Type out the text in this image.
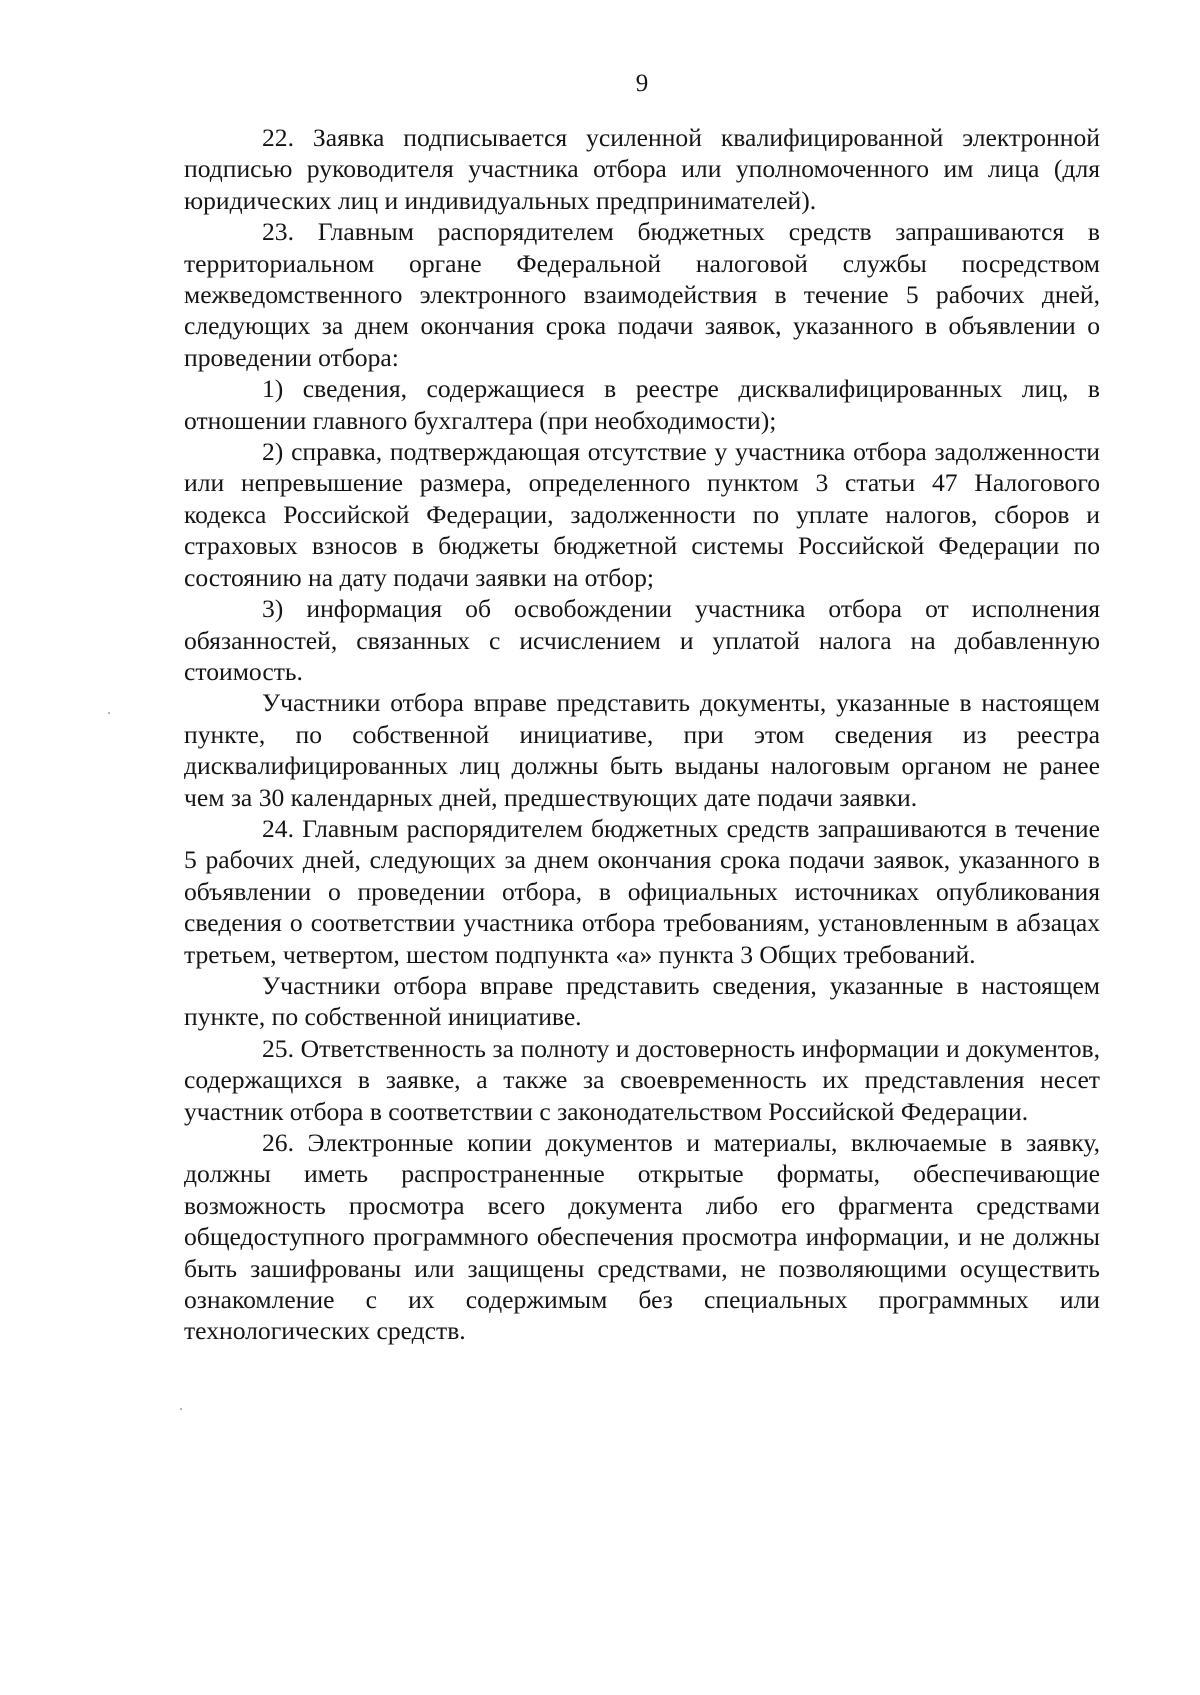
9

22. Заявка подписывается усиленной квалифицированной электронной подписью руководителя участника отбора или уполномоченного им лица (для юридических лиц и индивидуальных предпринимателей).

23. Главным распорядителем бюджетных средств запрашиваются в территориальном органе Федеральной налоговой службы посредством межведомственного электронного взаимодействия в течение 5 рабочих дней, следующих за днем окончания срока подачи заявок, указанного в объявлении о проведении отбора:

1) сведения, содержащиеся в реестре дисквалифицированных лиц, в отношении главного бухгалтера (при необходимости);

2) справка, подтверждающая отсутствие у участника отбора задолженности или непревышение размера, определенного пунктом 3 статьи 47 Налогового кодекса Российской Федерации, задолженности по уплате налогов, сборов и страховых взносов в бюджеты бюджетной системы Российской Федерации по состоянию на дату подачи заявки на отбор;

3) информация об освобождении участника отбора от исполнения обязанностей, связанных с исчислением и уплатой налога на добавленную стоимость.

Участники отбора вправе представить документы, указанные в настоящем пункте, по собственной инициативе, при этом сведения из реестра дисквалифицированных лиц должны быть выданы налоговым органом не ранее чем за 30 календарных дней, предшествующих дате подачи заявки.

24. Главным распорядителем бюджетных средств запрашиваются в течение 5 рабочих дней, следующих за днем окончания срока подачи заявок, указанного в объявлении о проведении отбора, в официальных источниках опубликования сведения о соответствии участника отбора требованиям, установленным в абзацах третьем, четвертом, шестом подпункта «а» пункта 3 Общих требований.

Участники отбора вправе представить сведения, указанные в настоящем пункте, по собственной инициативе.

25. Ответственность за полноту и достоверность информации и документов, содержащихся в заявке, а также за своевременность их представления несет участник отбора в соответствии с законодательством Российской Федерации.

26. Электронные копии документов и материалы, включаемые в заявку, должны иметь распространенные открытые форматы, обеспечивающие возможность просмотра всего документа либо его фрагмента средствами общедоступного программного обеспечения просмотра информации, и не должны быть зашифрованы или защищены средствами, не позволяющими осуществить ознакомление с их содержимым без специальных программных или технологических средств.
